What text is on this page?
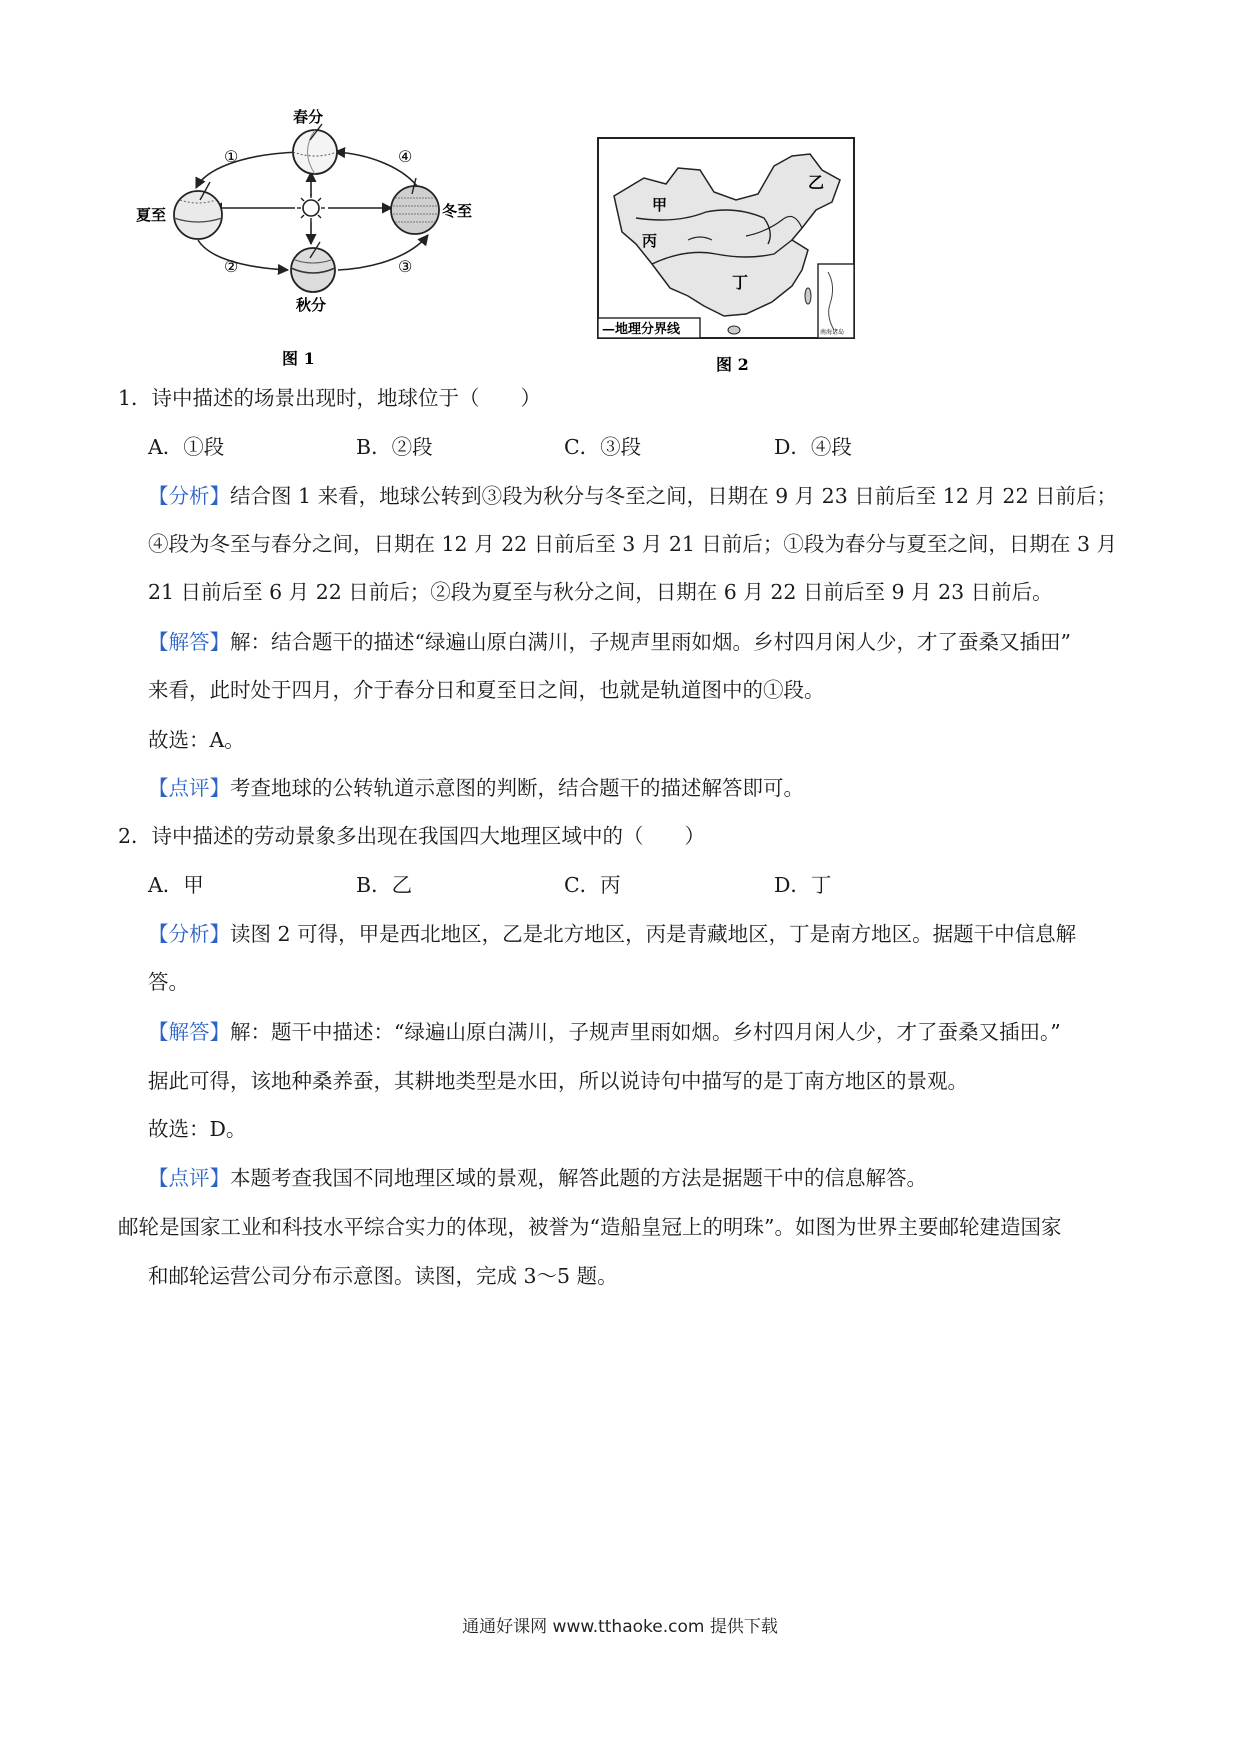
春分
夏至
秋分
冬至
①
②	③
④
图 1
南海诸岛
—地理分界线
甲
乙
丙
丁
图 2
1．诗中描述的场景出现时，地球位于（　　）
A．①段	B．②段	C．③段	D．④段
【分析】结合图 1 来看，地球公转到③段为秋分与冬至之间，日期在 9 月 23 日前后至 12 月 22 日前后；
④段为冬至与春分之间，日期在 12 月 22 日前后至 3 月 21 日前后；①段为春分与夏至之间，日期在 3 月
21 日前后至 6 月 22 日前后；②段为夏至与秋分之间，日期在 6 月 22 日前后至 9 月 23 日前后。
【解答】解：结合题干的描述“绿遍山原白满川，子规声里雨如烟。乡村四月闲人少，才了蚕桑又插田”
来看，此时处于四月，介于春分日和夏至日之间，也就是轨道图中的①段。
故选：A。
【点评】考查地球的公转轨道示意图的判断，结合题干的描述解答即可。
2．诗中描述的劳动景象多出现在我国四大地理区域中的（　　）
A．甲	B．乙	C．丙	D．丁
【分析】读图 2 可得，甲是西北地区，乙是北方地区，丙是青藏地区，丁是南方地区。据题干中信息解
答。
【解答】解：题干中描述：“绿遍山原白满川，子规声里雨如烟。乡村四月闲人少，才了蚕桑又插田。”
据此可得，该地种桑养蚕，其耕地类型是水田，所以说诗句中描写的是丁南方地区的景观。
故选：D。
【点评】本题考查我国不同地理区域的景观，解答此题的方法是据题干中的信息解答。
邮轮是国家工业和科技水平综合实力的体现，被誉为“造船皇冠上的明珠”。如图为世界主要邮轮建造国家
和邮轮运营公司分布示意图。读图，完成 3～5 题。
通通好课网 www.tthaoke.com 提供下载
